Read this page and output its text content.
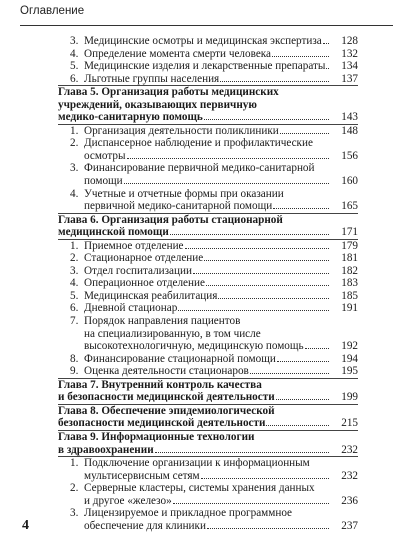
Оглавление
3. Медицинские осмотры и медицинская экспертиза 128
4. Определение момента смерти человека	132
5. Медицинские изделия и лекарственные препараты 134
6. Льготные группы населения	137
Глава 5. Организация работы медицинских
учреждений, оказывающих первичную
медико-санитарную помощь	143
1. Организация деятельности поликлиники	148
2. Диспансерное наблюдение и профилактические
осмотры	156
3. Финансирование первичной медико-санитарной
помощи	160
4. Учетные и отчетные формы при оказании
первичной медико-санитарной помощи	165
Глава 6. Организация работы стационарной
медицинской помощи	171
1. Приемное отделение	179
2. Стационарное отделение	181
3. Отдел госпитализации	182
4. Операционное отделение	183
5. Медицинская реабилитация	185
6. Дневной стационар	191
7. Порядок направления пациентов
на специализированную, в том числе
высокотехнологичную, медицинскую помощь	192
8. Финансирование стационарной помощи	194
9. Оценка деятельности стационаров	195
Глава 7. Внутренний контроль качества
и безопасности медицинской деятельности	199
Глава 8. Обеспечение эпидемиологической
безопасности медицинской деятельности	215
Глава 9. Информационные технологии
в здравоохранении	232
1. Подключение организации к информационным
мультисервисным сетям	232
2. Серверные кластеры, системы хранения данных
и другое «железо»	236
3. Лицензируемое и прикладное программное
обеспечение для клиники	237
4
